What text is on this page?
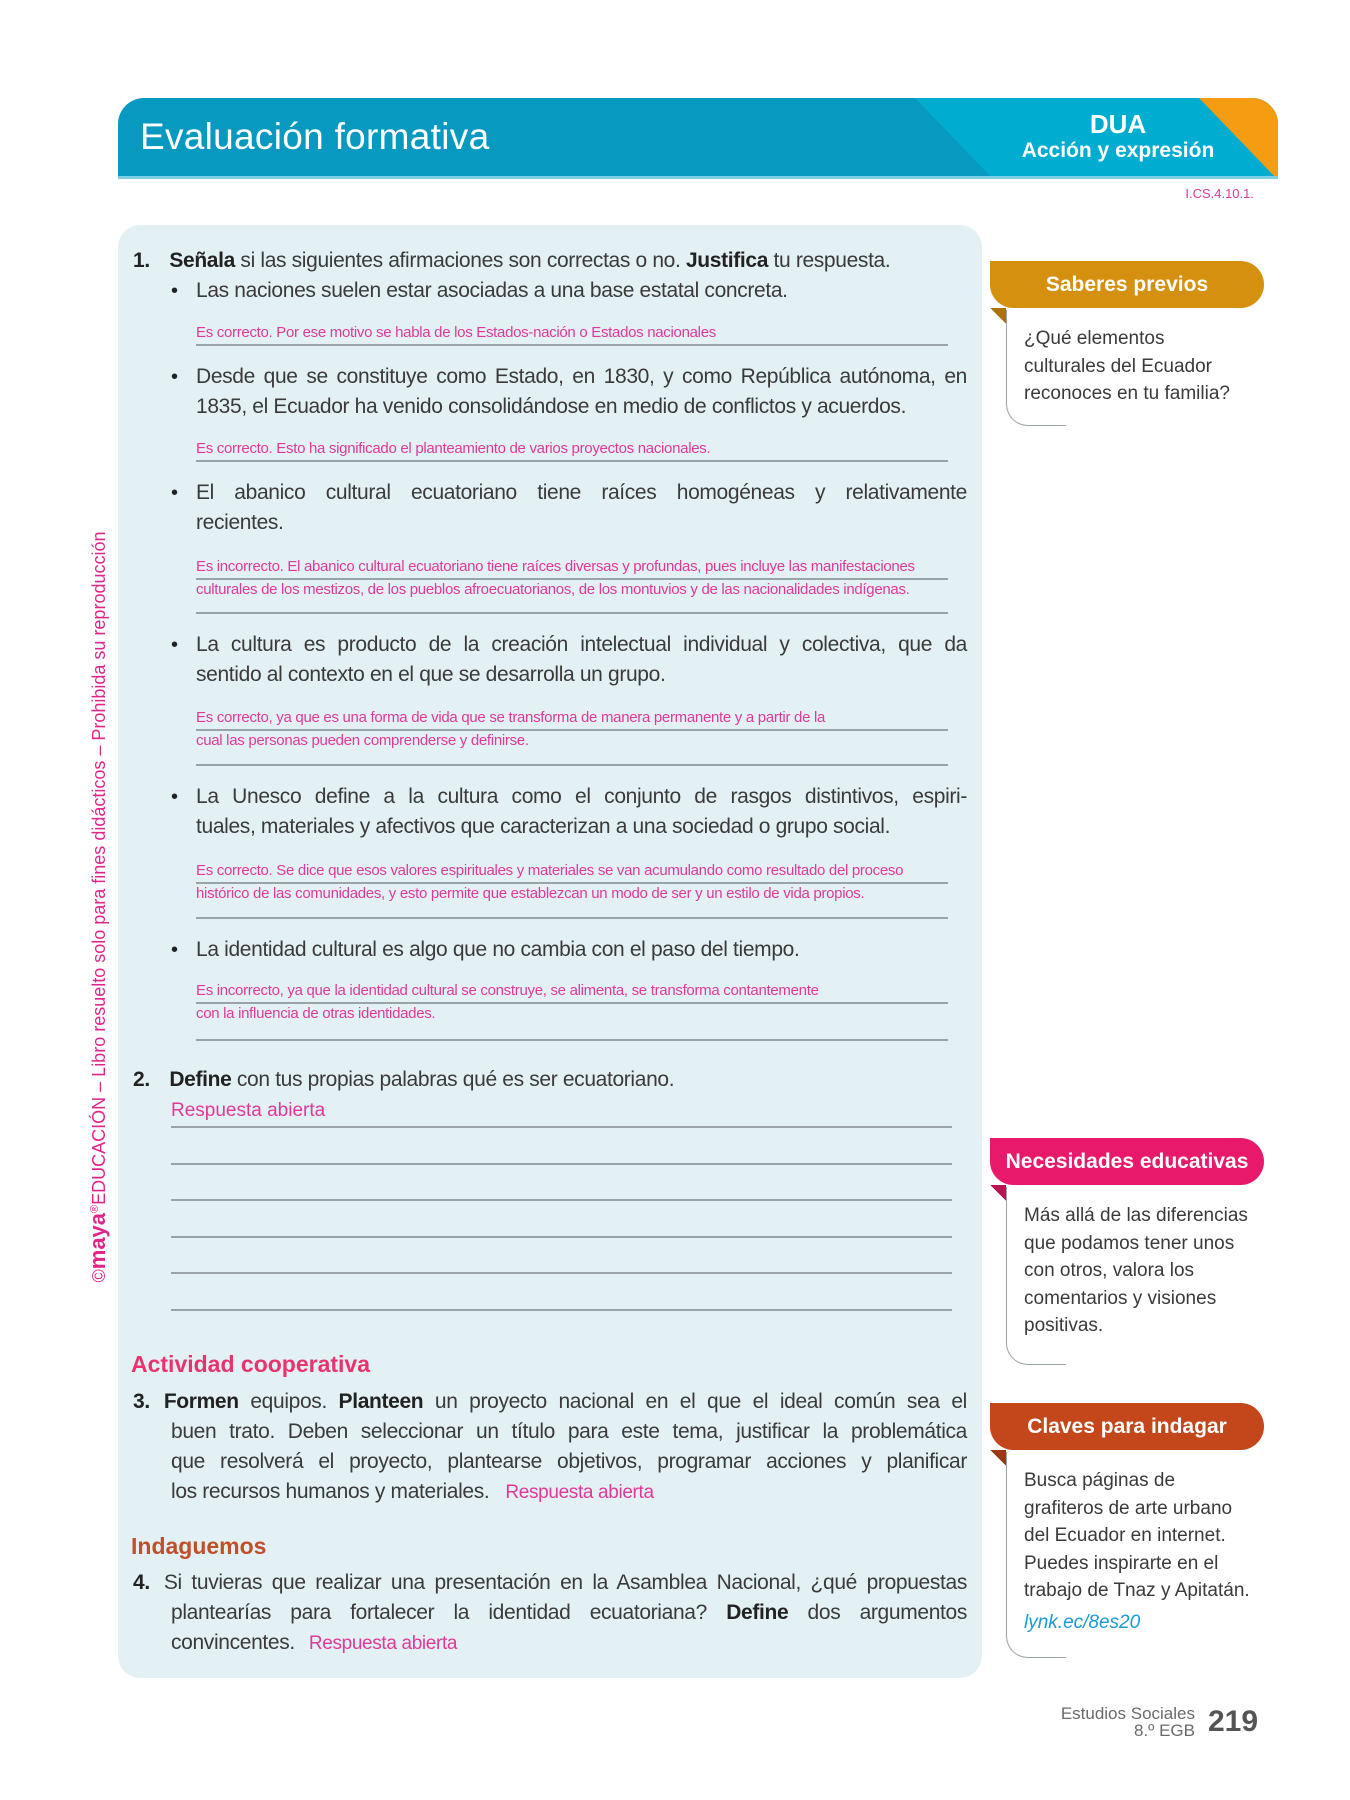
Evaluación formativa	DUA
Acción y expresión
I.CS.4.10.1.
©maya®EDUCACIÓN – Libro resuelto solo para fines didácticos – Prohibida su reproducción
1. Señala si las siguientes afirmaciones son correctas o no. Justifica tu respuesta.
• Las naciones suelen estar asociadas a una base estatal concreta.
Es correcto. Por ese motivo se habla de los Estados-nación o Estados nacionales
• Desde que se constituye como Estado, en 1830, y como República autónoma, en
1835, el Ecuador ha venido consolidándose en medio de conflictos y acuerdos.
Es correcto. Esto ha significado el planteamiento de varios proyectos nacionales.
• El abanico cultural ecuatoriano tiene raíces homogéneas y relativamente
recientes.
Es incorrecto. El abanico cultural ecuatoriano tiene raíces diversas y profundas, pues incluye las manifestaciones
culturales de los mestizos, de los pueblos afroecuatorianos, de los montuvios y de las nacionalidades indígenas.
• La cultura es producto de la creación intelectual individual y colectiva, que da
sentido al contexto en el que se desarrolla un grupo.
Es correcto, ya que es una forma de vida que se transforma de manera permanente y a partir de la
cual las personas pueden comprenderse y definirse.
• La Unesco define a la cultura como el conjunto de rasgos distintivos, espiri-
tuales, materiales y afectivos que caracterizan a una sociedad o grupo social.
Es correcto. Se dice que esos valores espirituales y materiales se van acumulando como resultado del proceso
histórico de las comunidades, y esto permite que establezcan un modo de ser y un estilo de vida propios.
• La identidad cultural es algo que no cambia con el paso del tiempo.
Es incorrecto, ya que la identidad cultural se construye, se alimenta, se transforma contantemente
con la influencia de otras identidades.
2. Define con tus propias palabras qué es ser ecuatoriano.
Respuesta abierta
Actividad cooperativa
3. Formen equipos. Planteen un proyecto nacional en el que el ideal común sea el
buen trato. Deben seleccionar un título para este tema, justificar la problemática
que resolverá el proyecto, plantearse objetivos, programar acciones y planificar
los recursos humanos y materiales. Respuesta abierta
Indaguemos
4. Si tuvieras que realizar una presentación en la Asamblea Nacional, ¿qué propuestas
plantearías para fortalecer la identidad ecuatoriana? Define dos argumentos
convincentes. Respuesta abierta
Saberes previos
¿Qué elementos
culturales del Ecuador
reconoces en tu familia?
Necesidades educativas
Más allá de las diferencias
que podamos tener unos
con otros, valora los
comentarios y visiones
positivas.
Claves para indagar
Busca páginas de
grafiteros de arte urbano
del Ecuador en internet.
Puedes inspirarte en el
trabajo de Tnaz y Apitatán.
lynk.ec/8es20
Estudios Sociales
8.º EGB 219
